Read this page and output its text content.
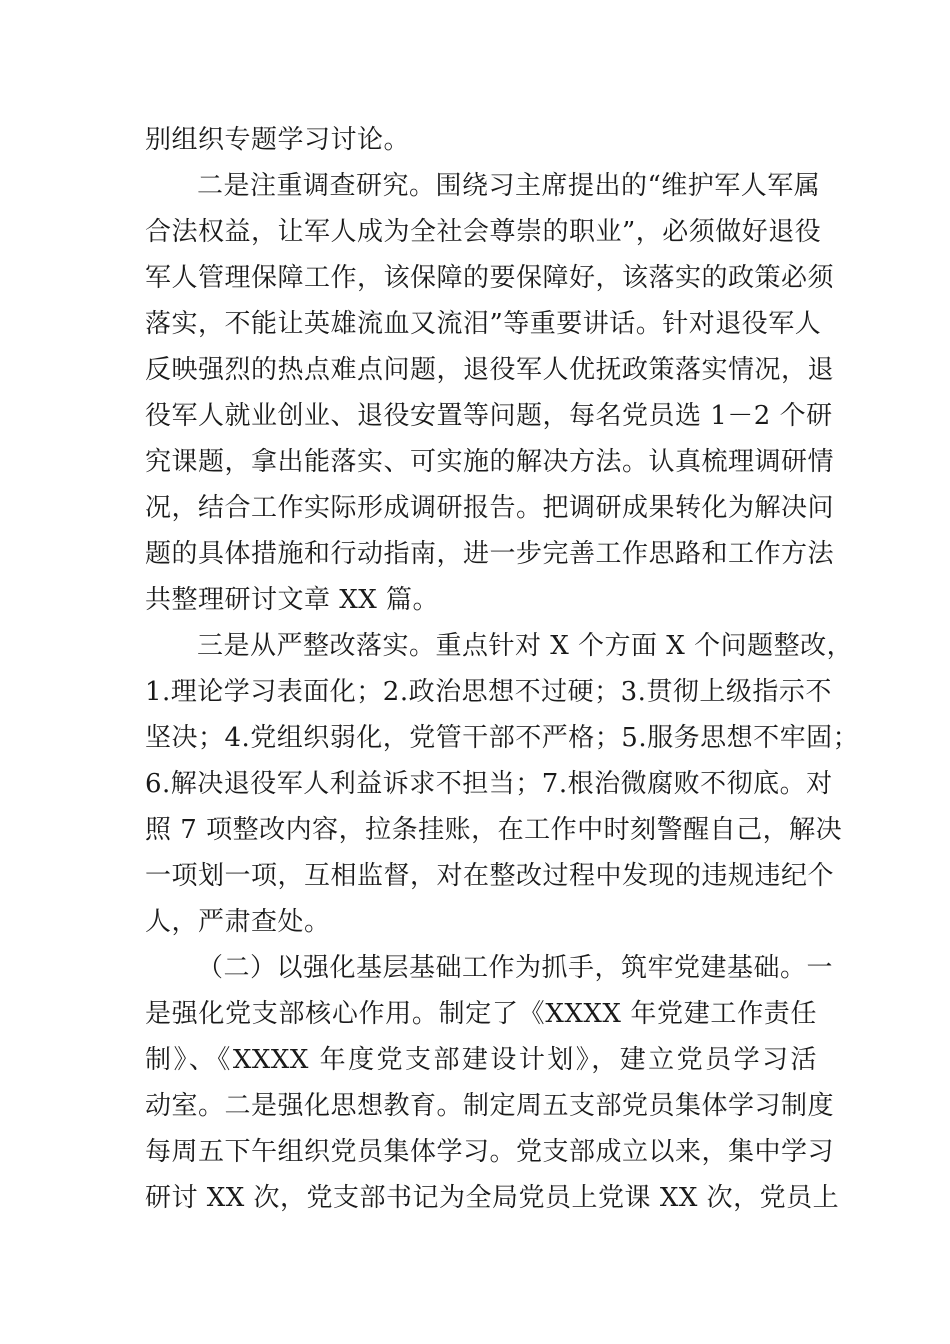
别组织专题学习讨论。
二是注重调查研究。围绕习主席提出的“维护军人军属
合法权益，让军人成为全社会尊崇的职业”，必须做好退役
军人管理保障工作，该保障的要保障好，该落实的政策必须
落实，不能让英雄流血又流泪”等重要讲话。针对退役军人
反映强烈的热点难点问题，退役军人优抚政策落实情况，退
役军人就业创业、退役安置等问题，每名党员选 1－2 个研
究课题，拿出能落实、可实施的解决方法。认真梳理调研情
况，结合工作实际形成调研报告。把调研成果转化为解决问
题的具体措施和行动指南，进一步完善工作思路和工作方法
共整理研讨文章 XX 篇。
三是从严整改落实。重点针对 X 个方面 X 个问题整改，
1.理论学习表面化；2.政治思想不过硬；3.贯彻上级指示不
坚决；4.党组织弱化，党管干部不严格；5.服务思想不牢固；
6.解决退役军人利益诉求不担当；7.根治微腐败不彻底。对
照 7 项整改内容，拉条挂账，在工作中时刻警醒自己，解决
一项划一项，互相监督，对在整改过程中发现的违规违纪个
人，严肃查处。
（二）以强化基层基础工作为抓手，筑牢党建基础。一
是强化党支部核心作用。制定了《XXXX 年党建工作责任
制》、《XXXX 年度党支部建设计划》，建立党员学习活
动室。二是强化思想教育。制定周五支部党员集体学习制度
每周五下午组织党员集体学习。党支部成立以来，集中学习
研讨 XX 次，党支部书记为全局党员上党课 XX 次，党员上
